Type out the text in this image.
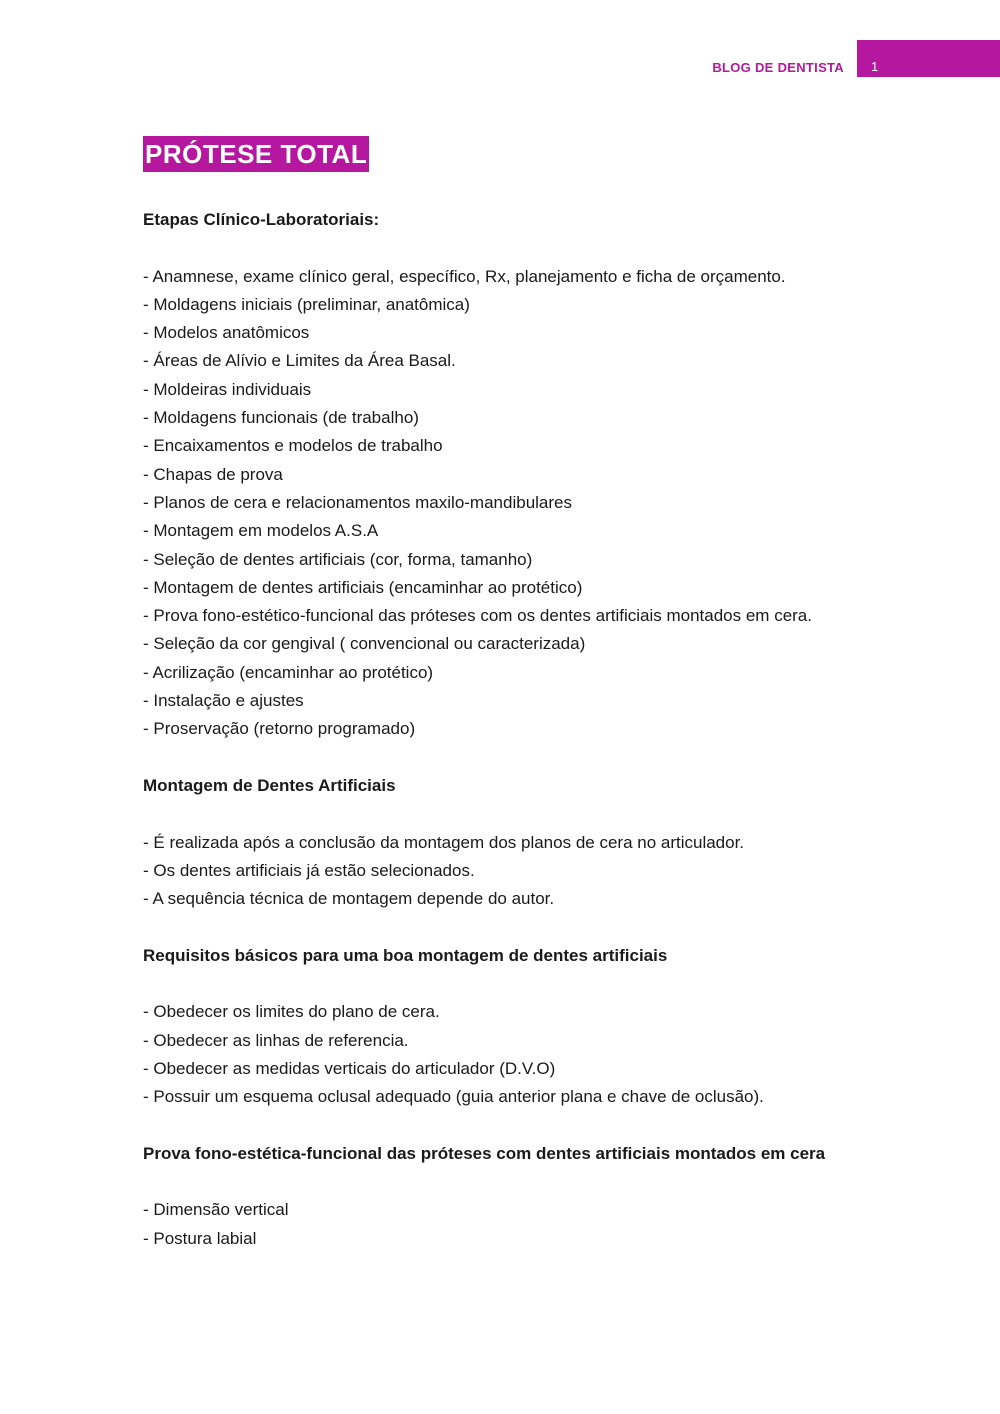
BLOG DE DENTISTA 1
PRÓTESE TOTAL
Etapas Clínico-Laboratoriais:
- Anamnese, exame clínico geral, específico, Rx, planejamento e ficha de orçamento.
- Moldagens iniciais (preliminar, anatômica)
- Modelos anatômicos
- Áreas de Alívio e Limites da Área Basal.
- Moldeiras individuais
- Moldagens funcionais (de trabalho)
- Encaixamentos e modelos de trabalho
- Chapas de prova
- Planos de cera e relacionamentos maxilo-mandibulares
- Montagem em modelos A.S.A
- Seleção de dentes artificiais (cor, forma, tamanho)
- Montagem de dentes artificiais (encaminhar ao protético)
- Prova fono-estético-funcional das próteses com os dentes artificiais montados em cera.
- Seleção da cor gengival ( convencional ou caracterizada)
- Acrilização (encaminhar ao protético)
- Instalação e ajustes
- Proservação (retorno programado)
Montagem de Dentes Artificiais
- É realizada após a conclusão da montagem dos planos de cera no articulador.
- Os dentes artificiais já estão selecionados.
- A sequência técnica de montagem depende do autor.
Requisitos básicos para uma boa montagem de dentes artificiais
- Obedecer os limites do plano de cera.
- Obedecer as linhas de referencia.
- Obedecer as medidas verticais do articulador (D.V.O)
- Possuir um esquema oclusal adequado (guia anterior plana e chave de oclusão).
Prova fono-estética-funcional das próteses com dentes artificiais montados em cera
- Dimensão vertical
- Postura labial
